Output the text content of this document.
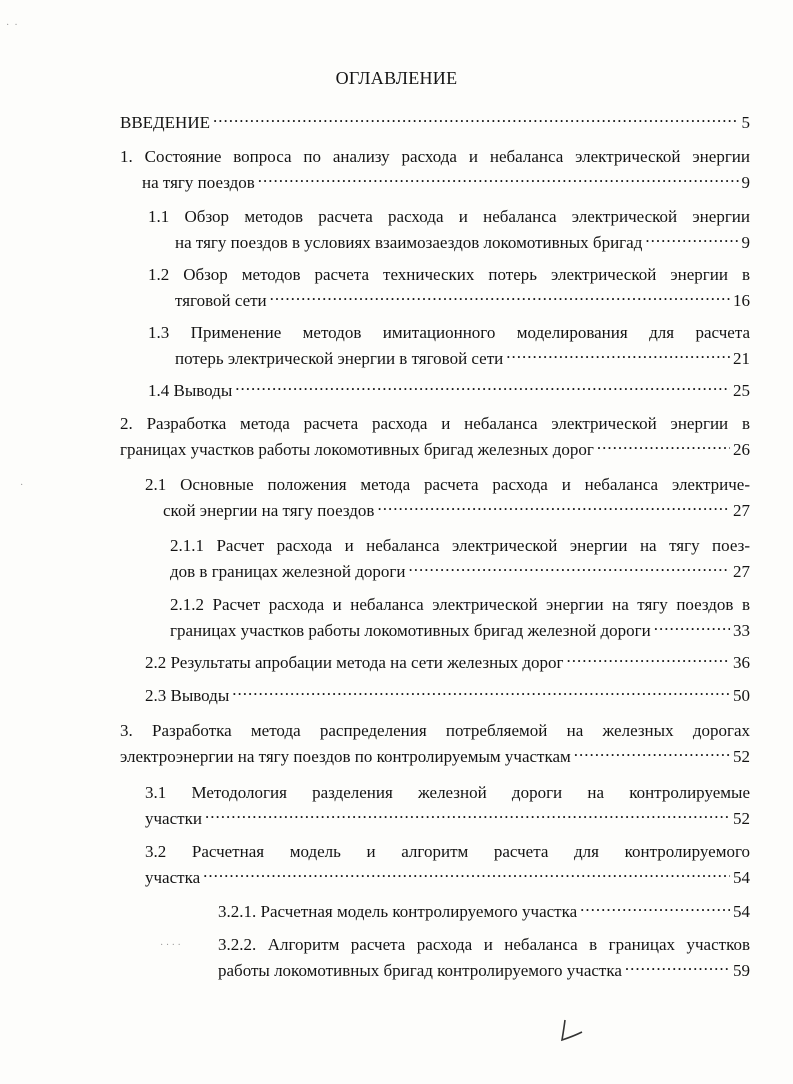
ОГЛАВЛЕНИЕ
ВВЕДЕНИЕ .....	5
1. Состояние вопроса по анализу расхода и небаланса электрической энергии
на тягу поездов .....	9
1.1 Обзор методов расчета расхода и небаланса электрической энергии
на тягу поездов в условиях взаимозаездов локомотивных бригад .....	9
1.2 Обзор методов расчета технических потерь электрической энергии в
тяговой сети .....	16
1.3 Применение методов имитационного моделирования для расчета
потерь электрической энергии в тяговой сети .....	21
1.4 Выводы .....	25
2. Разработка метода расчета расхода и небаланса электрической энергии в
границах участков работы локомотивных бригад железных дорог .....	26
2.1 Основные положения метода расчета расхода и небаланса электриче-
ской энергии на тягу поездов .....	27
2.1.1 Расчет расхода и небаланса электрической энергии на тягу поез-
дов в границах железной дороги .....	27
2.1.2 Расчет расхода и небаланса электрической энергии на тягу поездов в
границах участков работы локомотивных бригад железной дороги .....	33
2.2 Результаты апробации метода на сети железных дорог .....	36
2.3 Выводы .....	50
3. Разработка метода распределения потребляемой на железных дорогах
электроэнергии на тягу поездов по контролируемым участкам .....	52
3.1 Методология разделения железной дороги на контролируемые
участки .....	52
3.2 Расчетная модель и алгоритм расчета для контролируемого
участка .....	54
3.2.1. Расчетная модель контролируемого участка .....	54
3.2.2. Алгоритм расчета расхода и небаланса в границах участков
работы локомотивных бригад контролируемого участка .....	59
·  ·
·
· · · ·
